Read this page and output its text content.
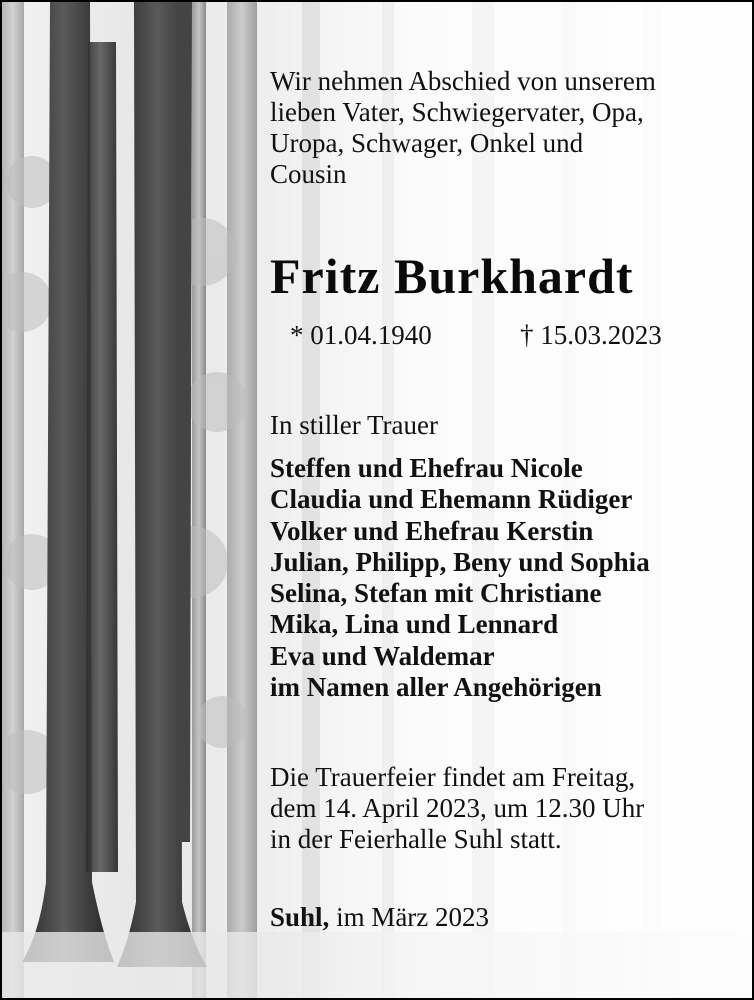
Wir nehmen Abschied von unserem
lieben Vater, Schwiegervater, Opa,
Uropa, Schwager, Onkel und
Cousin
Fritz Burkhardt
* 01.04.1940	† 15.03.2023
In stiller Trauer
Steffen und Ehefrau Nicole
Claudia und Ehemann Rüdiger
Volker und Ehefrau Kerstin
Julian, Philipp, Beny und Sophia
Selina, Stefan mit Christiane
Mika, Lina und Lennard
Eva und Waldemar
im Namen aller Angehörigen
Die Trauerfeier findet am Freitag,
dem 14. April 2023, um 12.30 Uhr
in der Feierhalle Suhl statt.
Suhl, im März 2023
